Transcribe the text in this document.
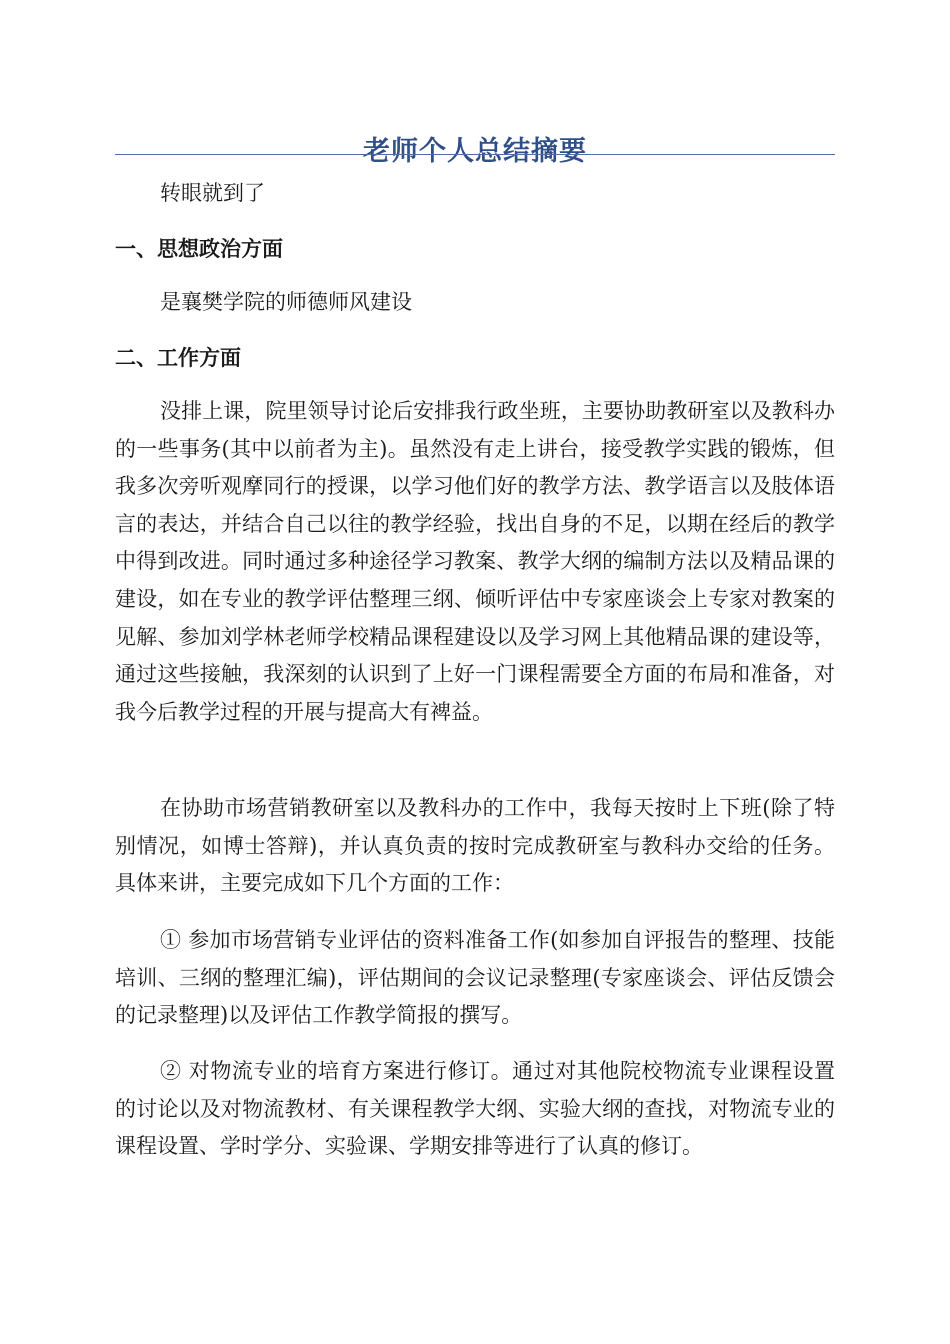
老师个人总结摘要

转眼就到了

一、思想政治方面

是襄樊学院的师德师风建设

二、工作方面

没排上课，院里领导讨论后安排我行政坐班，主要协助教研室以及教科办的一些事务(其中以前者为主)。虽然没有走上讲台，接受教学实践的锻炼，但我多次旁听观摩同行的授课，以学习他们好的教学方法、教学语言以及肢体语言的表达，并结合自己以往的教学经验，找出自身的不足，以期在经后的教学中得到改进。同时通过多种途径学习教案、教学大纲的编制方法以及精品课的建设，如在专业的教学评估整理三纲、倾听评估中专家座谈会上专家对教案的见解、参加刘学林老师学校精品课程建设以及学习网上其他精品课的建设等，通过这些接触，我深刻的认识到了上好一门课程需要全方面的布局和准备，对我今后教学过程的开展与提高大有裨益。

在协助市场营销教研室以及教科办的工作中，我每天按时上下班(除了特别情况，如博士答辩)，并认真负责的按时完成教研室与教科办交给的任务。具体来讲，主要完成如下几个方面的工作：

① 参加市场营销专业评估的资料准备工作(如参加自评报告的整理、技能培训、三纲的整理汇编)，评估期间的会议记录整理(专家座谈会、评估反馈会的记录整理)以及评估工作教学简报的撰写。

② 对物流专业的培育方案进行修订。通过对其他院校物流专业课程设置的讨论以及对物流教材、有关课程教学大纲、实验大纲的查找，对物流专业的课程设置、学时学分、实验课、学期安排等进行了认真的修订。
